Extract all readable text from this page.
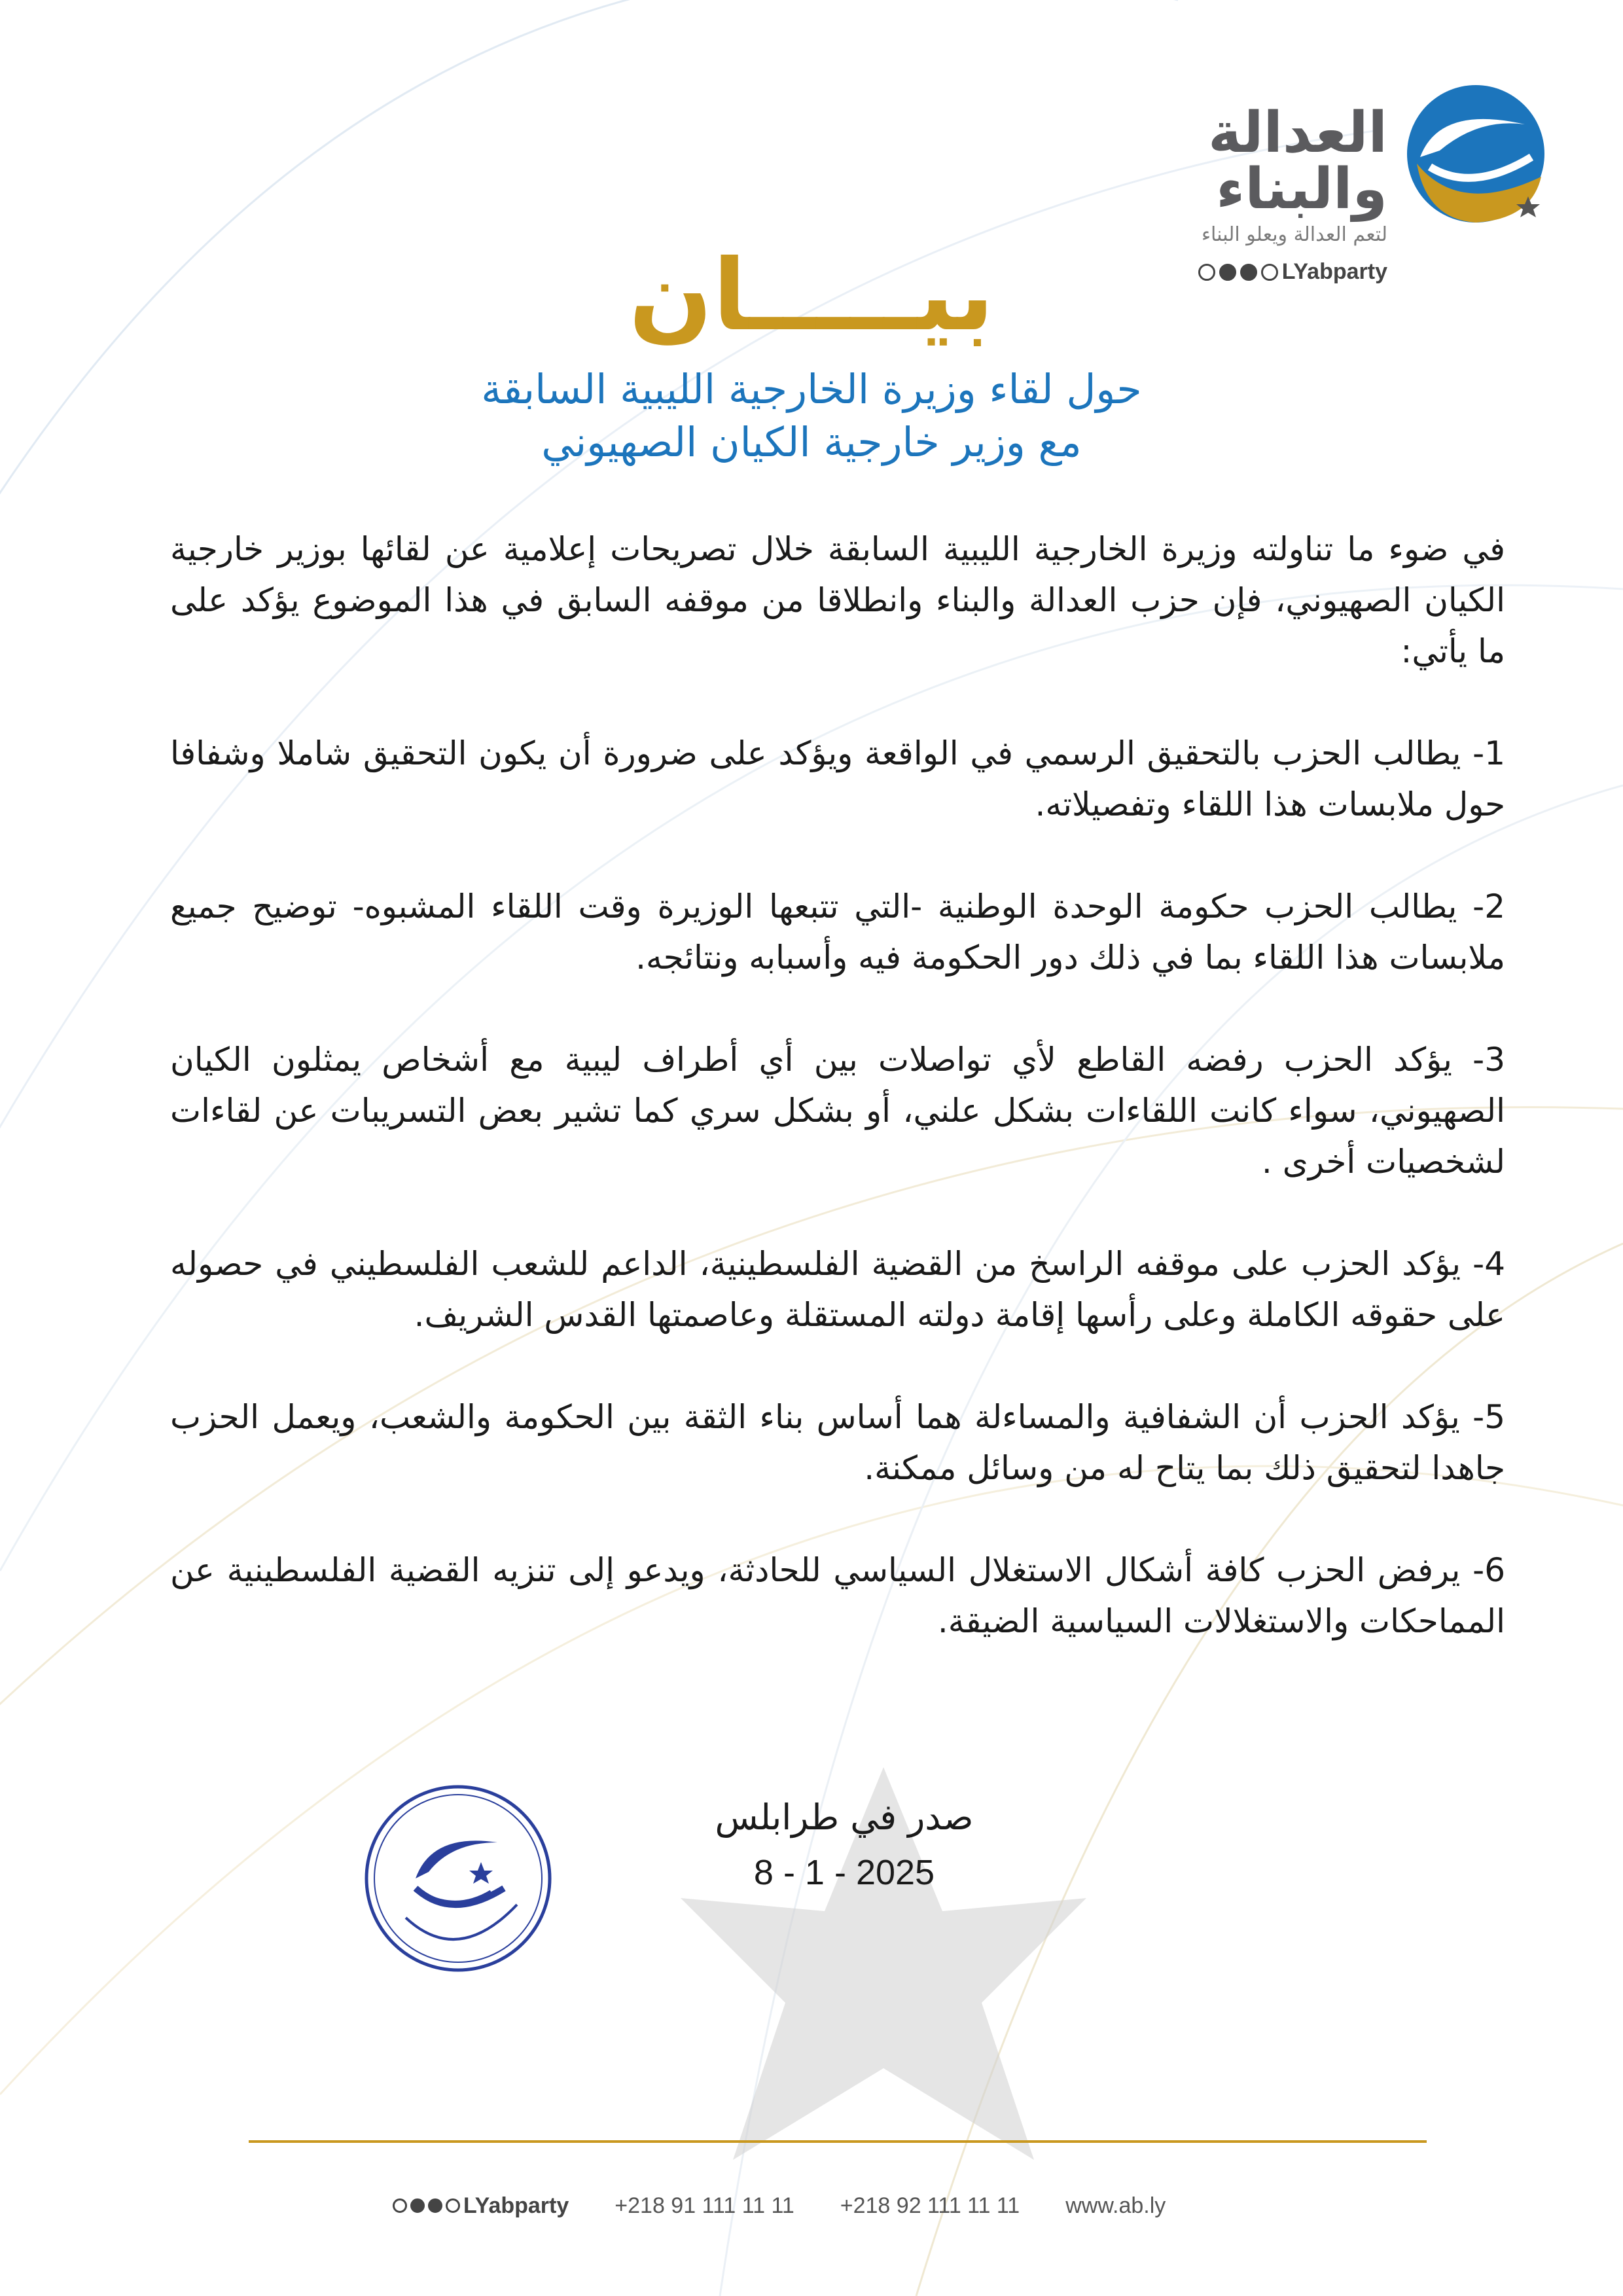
العدالة والبناء
لتعم العدالة ويعلو البناء
LYabparty
بيـــــان
حول لقاء وزيرة الخارجية الليبية السابقة
مع وزير خارجية الكيان الصهيوني

في ضوء ما تناولته وزيرة الخارجية الليبية السابقة خلال تصريحات إعلامية عن لقائها بوزير خارجية الكيان الصهيوني، فإن حزب العدالة والبناء وانطلاقا من موقفه السابق في هذا الموضوع يؤكد على ما يأتي:

1- يطالب الحزب بالتحقيق الرسمي في الواقعة ويؤكد على ضرورة أن يكون التحقيق شاملا وشفافا حول ملابسات هذا اللقاء وتفصيلاته.

2- يطالب الحزب حكومة الوحدة الوطنية -التي تتبعها الوزيرة وقت اللقاء المشبوه- توضيح جميع ملابسات هذا اللقاء بما في ذلك دور الحكومة فيه وأسبابه ونتائجه.

3- يؤكد الحزب رفضه القاطع لأي تواصلات بين أي أطراف ليبية مع أشخاص يمثلون الكيان الصهيوني، سواء كانت اللقاءات بشكل علني، أو بشكل سري كما تشير بعض التسريبات عن لقاءات لشخصيات أخرى .

4- يؤكد الحزب على موقفه الراسخ من القضية الفلسطينية، الداعم للشعب الفلسطيني في حصوله على حقوقه الكاملة وعلى رأسها إقامة دولته المستقلة وعاصمتها القدس الشريف.

5- يؤكد الحزب أن الشفافية والمساءلة هما أساس بناء الثقة بين الحكومة والشعب، ويعمل الحزب جاهدا لتحقيق ذلك بما يتاح له من وسائل ممكنة.

6- يرفض الحزب كافة أشكال الاستغلال السياسي للحادثة، ويدعو إلى تنزيه القضية الفلسطينية عن المماحكات والاستغلالات السياسية الضيقة.

صدر في طرابلس
8 - 1 - 2025
LYabparty +218 91 111 11 11 +218 92 111 11 11 www.ab.ly
